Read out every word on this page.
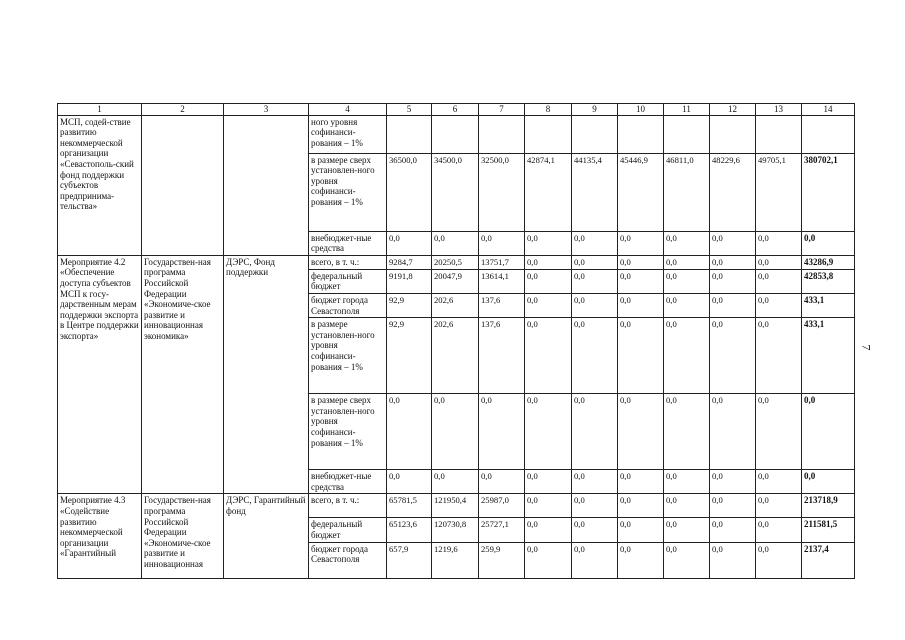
7
1	2	3	4	5	6	7	8	9	10	11	12	13	14
МСП, содей-ствие развитию некоммерческой организации «Севастополь-ский фонд поддержки субъектов предпринима-тельства»			ного уровня софинанси-рования – 1%										
			в размере сверх установлен-ного уровня софинанси-рования – 1%	36500,0	34500,0	32500,0	42874,1	44135,4	45446,9	46811,0	48229,6	49705,1	380702,1
			внебюджет-ные средства	0,0	0,0	0,0	0,0	0,0	0,0	0,0	0,0	0,0	0,0
Мероприятие 4.2 «Обеспечение доступа субъектов МСП к госу-дарственным мерам поддержки экспорта в Центре поддержки экспорта»	Государствен-ная программа Российской Федерации «Экономиче-ское развитие и инновационная экономика»	ДЭРС, Фонд поддержки	всего, в т. ч.:	9284,7	20250,5	13751,7	0,0	0,0	0,0	0,0	0,0	0,0	43286,9
			федеральный бюджет	9191,8	20047,9	13614,1	0,0	0,0	0,0	0,0	0,0	0,0	42853,8
			бюджет города Севастополя	92,9	202,6	137,6	0,0	0,0	0,0	0,0	0,0	0,0	433,1
			в размере установлен-ного уровня софинанси-рования – 1%	92,9	202,6	137,6	0,0	0,0	0,0	0,0	0,0	0,0	433,1
			в размере сверх установлен-ного уровня софинанси-рования – 1%	0,0	0,0	0,0	0,0	0,0	0,0	0,0	0,0	0,0	0,0
			внебюджет-ные средства	0,0	0,0	0,0	0,0	0,0	0,0	0,0	0,0	0,0	0,0
Мероприятие 4.3 «Содействие развитию некоммерческой организации «Гарантийный	Государствен-ная программа Российской Федерации «Экономиче-ское развитие и инновационная	ДЭРС, Гарантийный фонд	всего, в т. ч.:	65781,5	121950,4	25987,0	0,0	0,0	0,0	0,0	0,0	0,0	213718,9
			федеральный бюджет	65123,6	120730,8	25727,1	0,0	0,0	0,0	0,0	0,0	0,0	211581,5
			бюджет города Севастополя	657,9	1219,6	259,9	0,0	0,0	0,0	0,0	0,0	0,0	2137,4
